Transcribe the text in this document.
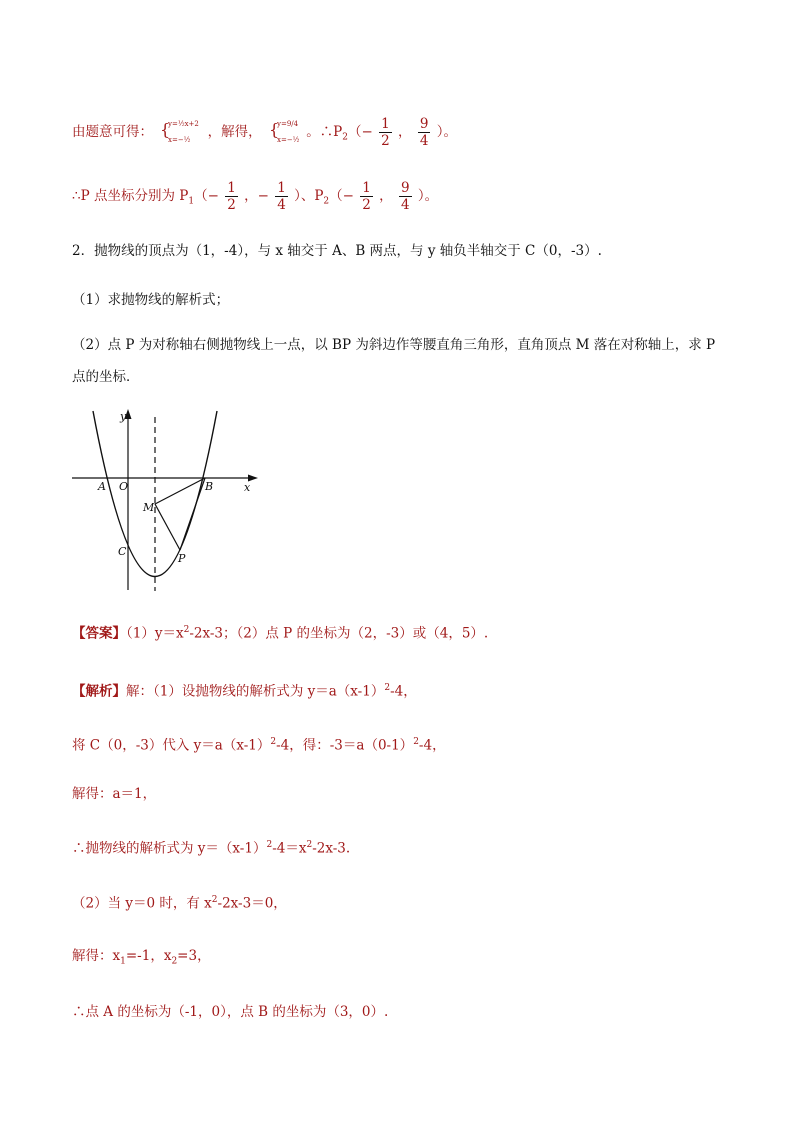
由题意可得： {
y=½x+2
x=−½ ，解得， {
y=9/4
x=−½ 。$\therefore P_2(- \frac{1}{2}$ ， $\frac{9}{4}$ ）。
∴P 点坐标分别为 $P_1(- \frac{1}{2}$ ，− $\frac{1}{4}$ ）、$P_2(- \frac{1}{2}$ ， $\frac{9}{4}$ ）。
2．抛物线的顶点为（1，-4），与 x 轴交于 A、B 两点，与 y 轴负半轴交于 C（0，-3）.
（1）求抛物线的解析式；
（2）点 P 为对称轴右侧抛物线上一点，以 BP 为斜边作等腰直角三角形，直角顶点 M 落在对称轴上，求 P
点的坐标．
y
x
A O	B
M
C
P
【答案】$(1)y=x^2-2x-3$；（2）点 P 的坐标为（2，-3）或（4，5）.
【解析】解：（1）设抛物线的解析式为 $y=a(x-1)^2-4$，
将 C（0，-3）代入 $y=a(x-1)^2-4$，得：$-3=a(0-1)^2-4$，
解得：a＝1，
∴抛物线的解析式为 $y=(x-1)^2-4=x^2-2x-3$.
（2）当 y＝0 时，有 $x^2-2x-3=0$，
解得：$x_1=-1$，$x_2=3$，
∴点 A 的坐标为（-1，0），点 B 的坐标为（3，0）.
